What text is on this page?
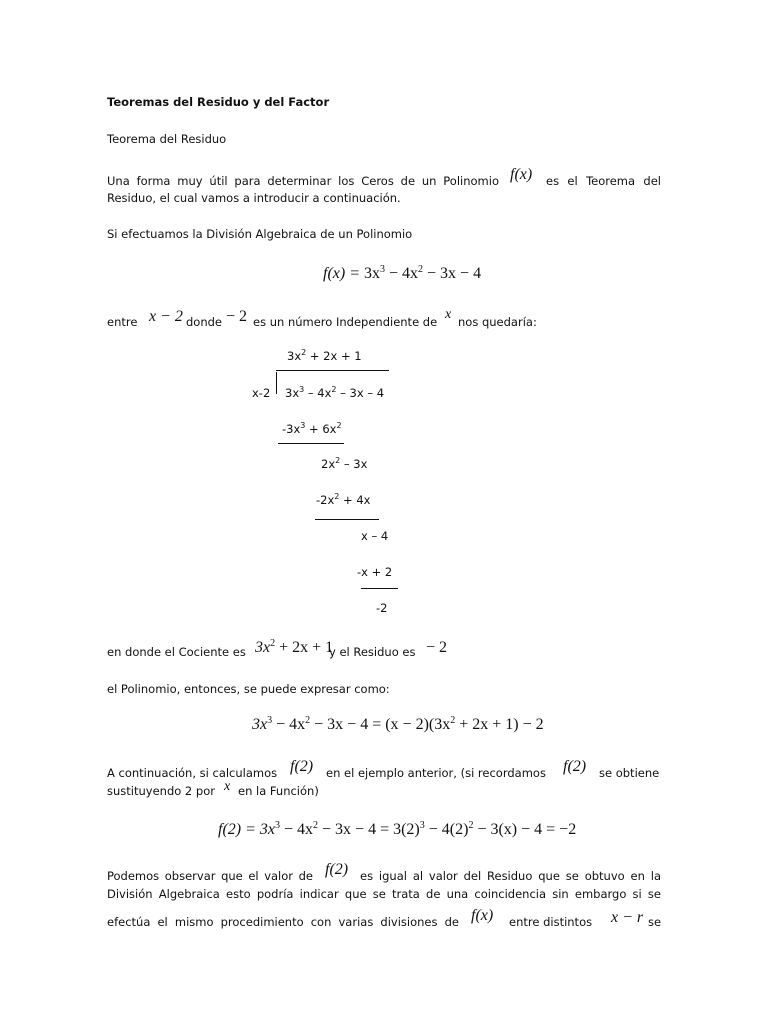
Teoremas del Residuo y del Factor
Teorema del Residuo
Una forma muy útil para determinar los Ceros de un Polinomio f(x) es el Teorema del
Residuo, el cual vamos a introducir a continuación.
Si efectuamos la División Algebraica de un Polinomio
$f(x) = 3x^3 - 4x^2 - 3x - 4$
entre x − 2 donde − 2 es un número Independiente de x nos quedaría:
$3x^2 + 2x + 1$
x-2 $3x^3 - 4x^2 - 3x - 4$
$-3x^3 + 6x^2$
$2x^2 - 3x$
$-2x^2 + 4x$
x – 4
-x + 2
-2
en donde el Cociente es $3x^2 + 2x + 1$
y el Residuo es − 2
el Polinomio, entonces, se puede expresar como:
$3x^3 - 4x^2 - 3x - 4 = (x - 2)(3x^2 + 2x + 1) - 2$
A continuación, si calculamos f(2) en el ejemplo anterior, (si recordamos f(2) se obtiene
sustituyendo 2 por x en la Función)
$f(2) = 3x^3 - 4x^2 - 3x - 4 = 3(2)^3 - 4(2)^2 - 3(x) - 4 = -2$
Podemos observar que el valor de f(2) es igual al valor del Residuo que se obtuvo en la
División Algebraica esto podría indicar que se trata de una coincidencia sin embargo si se
efectúa el mismo procedimiento con varias divisiones de f(x) entre distintos x − r se
